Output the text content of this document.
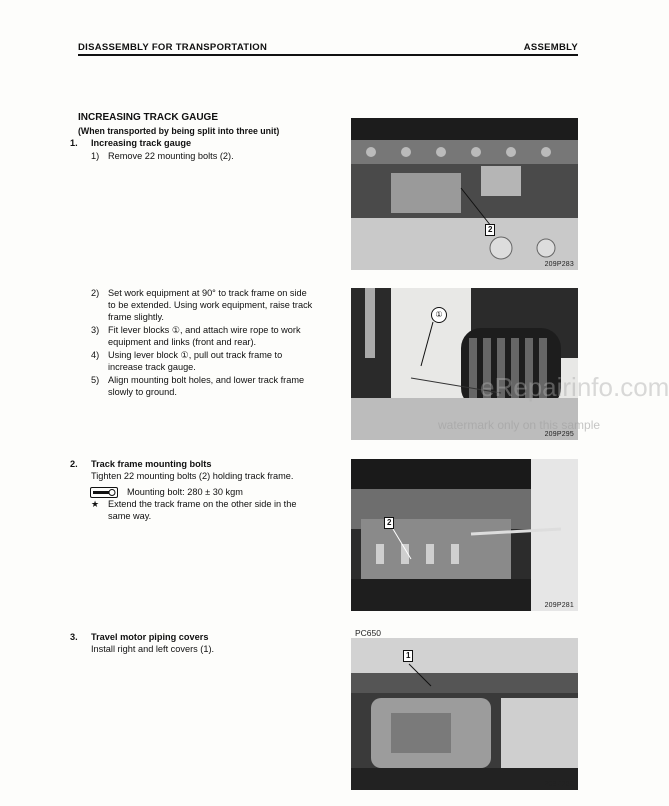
DISASSEMBLY FOR TRANSPORTATION	ASSEMBLY
INCREASING TRACK GAUGE
(When transported by being split into three unit)
1. Increasing track gauge
1) Remove 22 mounting bolts (2).
2) Set work equipment at 90° to track frame on side
to be extended. Using work equipment, raise track
frame slightly.
3) Fit lever blocks ①, and attach wire rope to work
equipment and links (front and rear).
4) Using lever block ①, pull out track frame to
increase track gauge.
5) Align mounting bolt holes, and lower track frame
slowly to ground.
2. Track frame mounting bolts
Tighten 22 mounting bolts (2) holding track frame.
Mounting bolt: 280 ± 30 kgm
★ Extend the track frame on the other side in the
same way.
3. Travel motor piping covers
Install right and left covers (1).
2
209P283
①
209P295
2
209P281
PC650
1
209P280
eRepairinfo.com
watermark only on this sample
